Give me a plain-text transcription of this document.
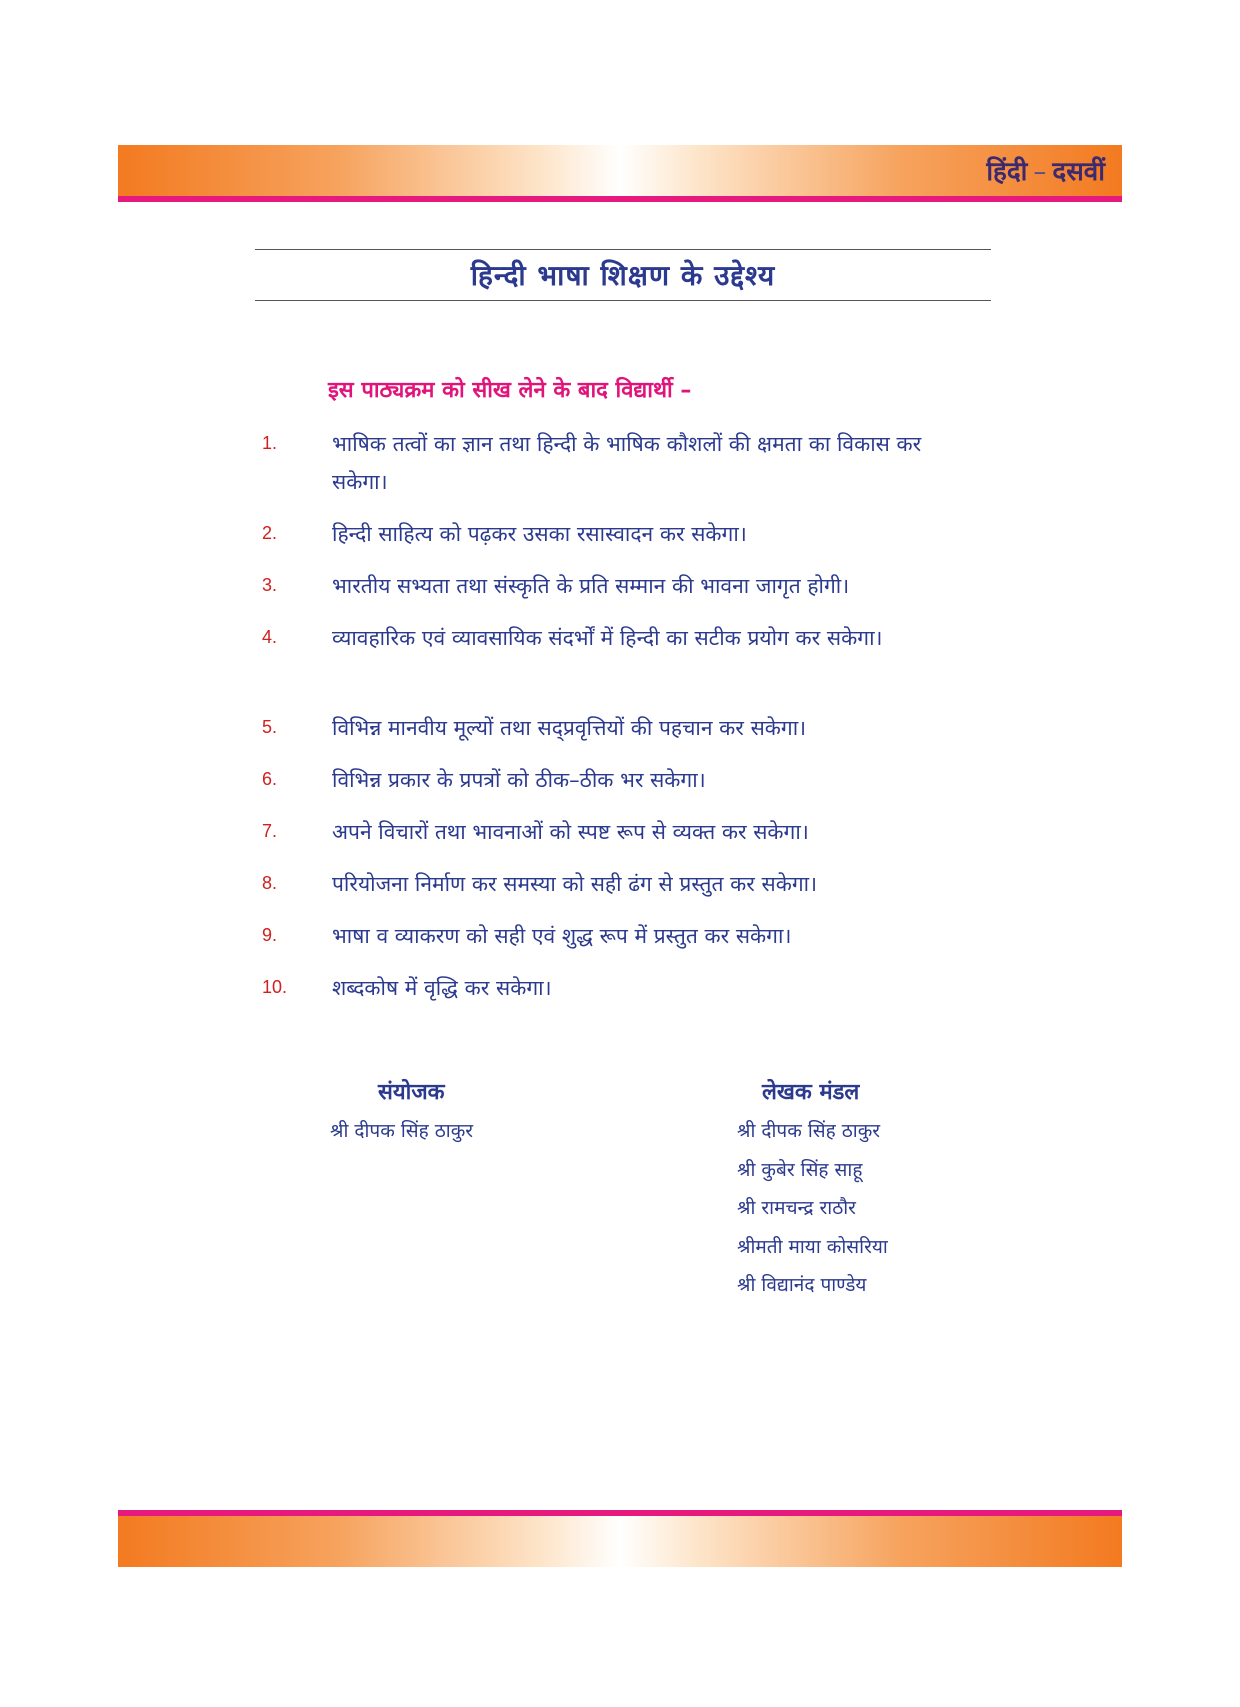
हिंदी – दसवीं
हिन्दी भाषा शिक्षण के उद्देश्य
इस पाठ्यक्रम को सीख लेने के बाद विद्यार्थी –
1.	भाषिक तत्वों का ज्ञान तथा हिन्दी के भाषिक कौशलों की क्षमता का विकास कर सकेगा।
2.	हिन्दी साहित्य को पढ़कर उसका रसास्वादन कर सकेगा।
3.	भारतीय सभ्यता तथा संस्कृति के प्रति सम्मान की भावना जागृत होगी।
4.	व्यावहारिक एवं व्यावसायिक संदर्भों में हिन्दी का सटीक प्रयोग कर सकेगा।
5.	विभिन्न मानवीय मूल्यों तथा सद्प्रवृत्तियों की पहचान कर सकेगा।
6.	विभिन्न प्रकार के प्रपत्रों को ठीक–ठीक भर सकेगा।
7.	अपने विचारों तथा भावनाओं को स्पष्ट रूप से व्यक्त कर सकेगा।
8.	परियोजना निर्माण कर समस्या को सही ढंग से प्रस्तुत कर सकेगा।
9.	भाषा व व्याकरण को सही एवं शुद्ध रूप में प्रस्तुत कर सकेगा।
10. शब्दकोष में वृद्धि कर सकेगा।
संयोजक
श्री दीपक सिंह ठाकुर
लेखक मंडल
श्री दीपक सिंह ठाकुर
श्री कुबेर सिंह साहू
श्री रामचन्द्र राठौर
श्रीमती माया कोसरिया
श्री विद्यानंद पाण्डेय
